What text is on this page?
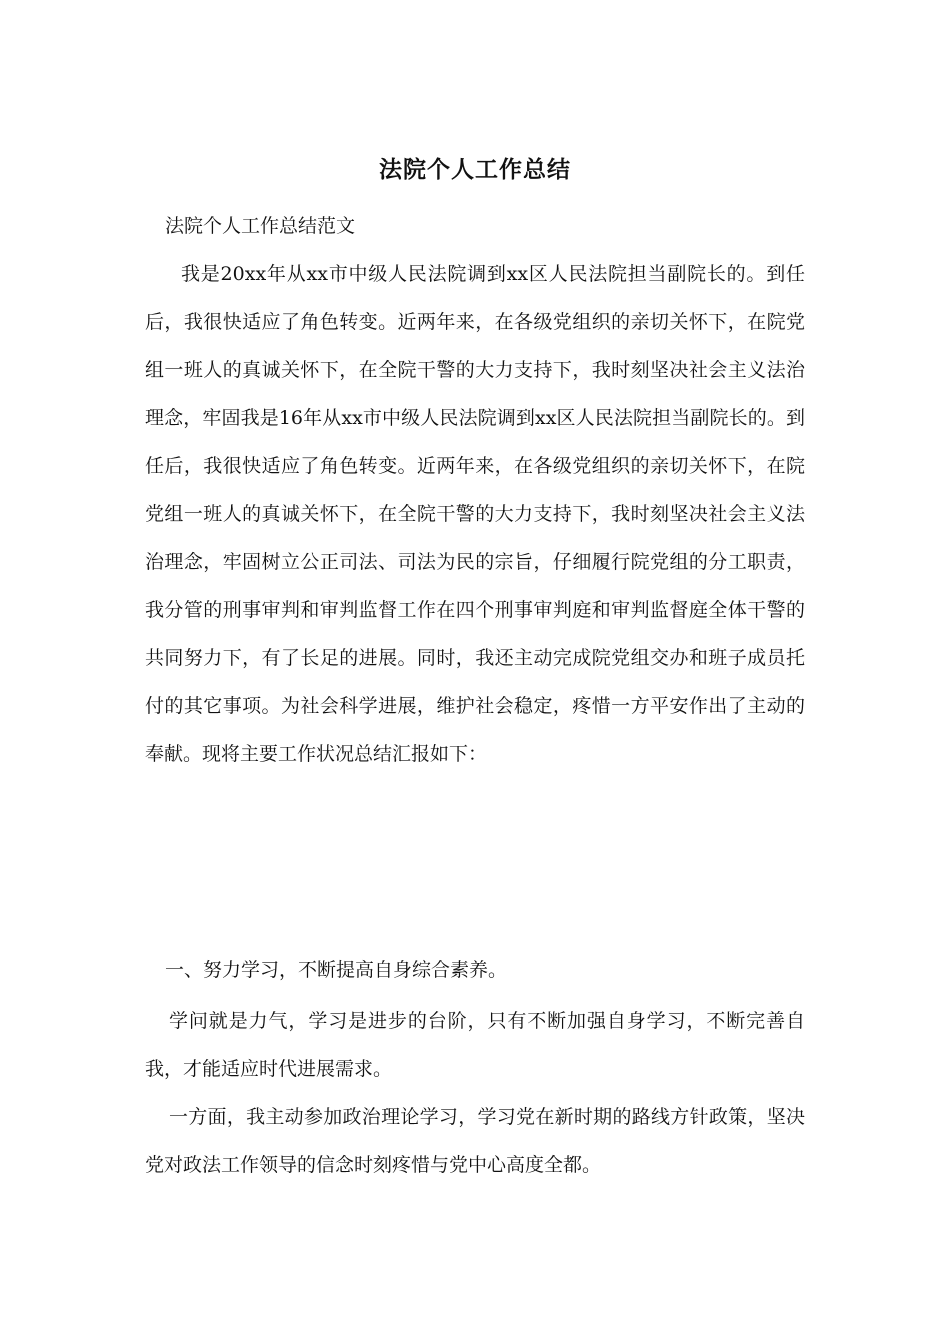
法院个人工作总结

法院个人工作总结范文

我是20xx年从xx市中级人民法院调到xx区人民法院担当副院长的。到任后，我很快适应了角色转变。近两年来，在各级党组织的亲切关怀下，在院党组一班人的真诚关怀下，在全院干警的大力支持下，我时刻坚决社会主义法治理念，牢固我是16年从xx市中级人民法院调到xx区人民法院担当副院长的。到任后，我很快适应了角色转变。近两年来，在各级党组织的亲切关怀下，在院党组一班人的真诚关怀下，在全院干警的大力支持下，我时刻坚决社会主义法治理念，牢固树立公正司法、司法为民的宗旨，仔细履行院党组的分工职责，我分管的刑事审判和审判监督工作在四个刑事审判庭和审判监督庭全体干警的共同努力下，有了长足的进展。同时，我还主动完成院党组交办和班子成员托付的其它事项。为社会科学进展，维护社会稳定，疼惜一方平安作出了主动的奉献。现将主要工作状况总结汇报如下：

一、努力学习，不断提高自身综合素养。

学问就是力气，学习是进步的台阶，只有不断加强自身学习，不断完善自我，才能适应时代进展需求。

一方面，我主动参加政治理论学习，学习党在新时期的路线方针政策，坚决党对政法工作领导的信念时刻疼惜与党中心高度全都。
